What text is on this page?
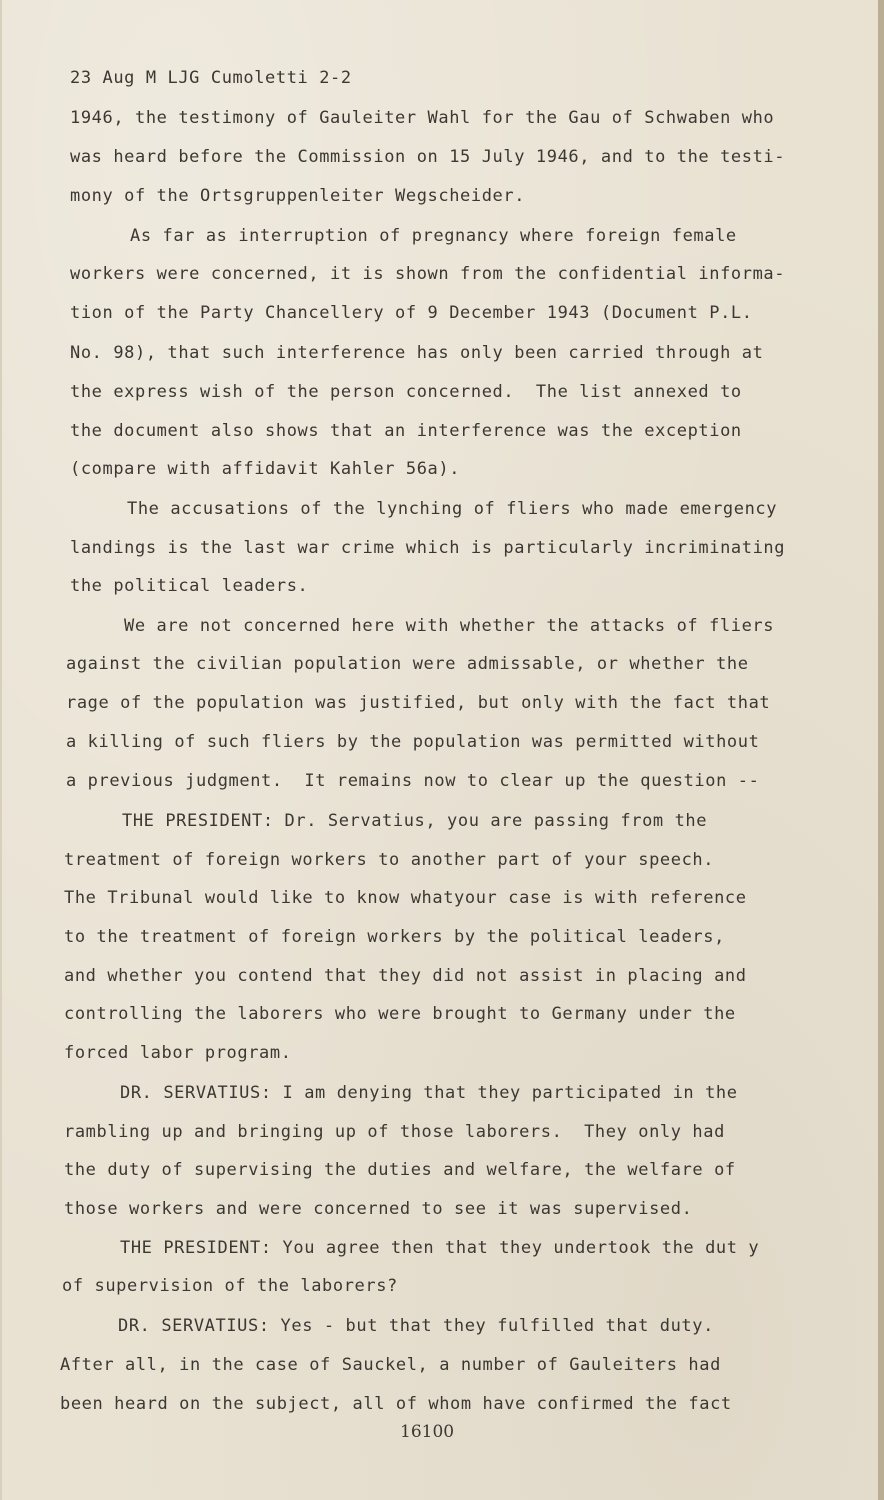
23 Aug M LJG Cumoletti 2-2
1946, the testimony of Gauleiter Wahl for the Gau of Schwaben who
was heard before the Commission on 15 July 1946, and to the testi-
mony of the Ortsgruppenleiter Wegscheider.
As far as interruption of pregnancy where foreign female
workers were concerned, it is shown from the confidential informa-
tion of the Party Chancellery of 9 December 1943 (Document P.L.
No. 98), that such interference has only been carried through at
the express wish of the person concerned.  The list annexed to
the document also shows that an interference was the exception
(compare with affidavit Kahler 56a).
The accusations of the lynching of fliers who made emergency
landings is the last war crime which is particularly incriminating
the political leaders.
We are not concerned here with whether the attacks of fliers
against the civilian population were admissable, or whether the
rage of the population was justified, but only with the fact that
a killing of such fliers by the population was permitted without
a previous judgment.  It remains now to clear up the question --
THE PRESIDENT: Dr. Servatius, you are passing from the
treatment of foreign workers to another part of your speech.
The Tribunal would like to know whatyour case is with reference
to the treatment of foreign workers by the political leaders,
and whether you contend that they did not assist in placing and
controlling the laborers who were brought to Germany under the
forced labor program.
DR. SERVATIUS: I am denying that they participated in the
rambling up and bringing up of those laborers.  They only had
the duty of supervising the duties and welfare, the welfare of
those workers and were concerned to see it was supervised.
THE PRESIDENT: You agree then that they undertook the dut y
of supervision of the laborers?
DR. SERVATIUS: Yes - but that they fulfilled that duty.
After all, in the case of Sauckel, a number of Gauleiters had
been heard on the subject, all of whom have confirmed the fact
16100
